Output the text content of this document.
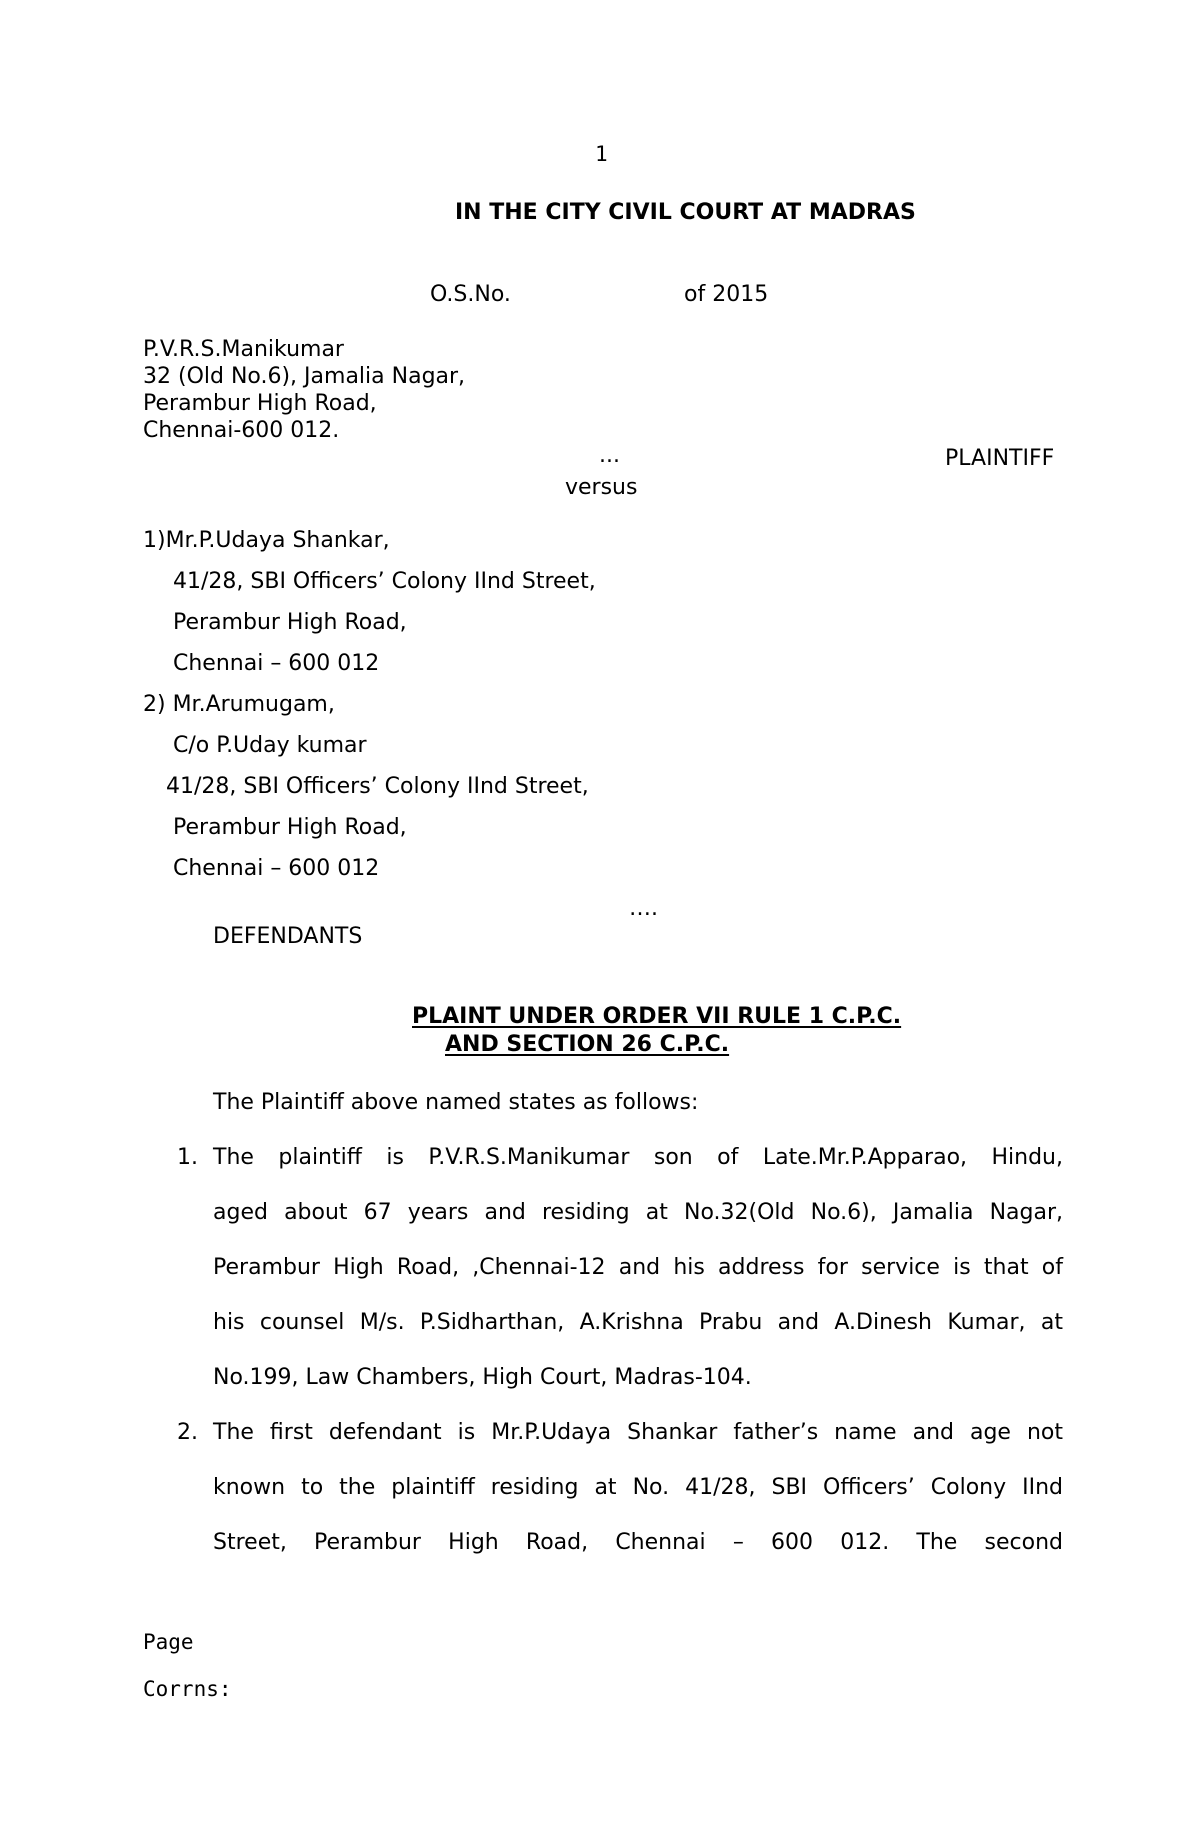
1
IN THE CITY CIVIL COURT AT MADRAS
O.S.No.	of 2015
P.V.R.S.Manikumar
32 (Old No.6), Jamalia Nagar,
Perambur High Road,
Chennai-600 012.
...	PLAINTIFF
versus
1)Mr.P.Udaya Shankar,
41/28, SBI Officers’ Colony IInd Street,
Perambur High Road,
Chennai – 600 012
2) Mr.Arumugam,
C/o P.Uday kumar
41/28, SBI Officers’ Colony IInd Street,
Perambur High Road,
Chennai – 600 012
….
DEFENDANTS
PLAINT UNDER ORDER VII RULE 1 C.P.C.
AND SECTION 26 C.P.C.
The Plaintiff above named states as follows:
1. The plaintiff is P.V.R.S.Manikumar son of Late.Mr.P.Apparao, Hindu,
aged about 67 years and residing at No.32(Old No.6), Jamalia Nagar,
Perambur High Road, ,Chennai-12 and his address for service is that of
his counsel M/s. P.Sidharthan, A.Krishna Prabu and A.Dinesh Kumar, at
No.199, Law Chambers, High Court, Madras-104.
2. The first defendant is Mr.P.Udaya Shankar father’s name and age not
known to the plaintiff residing at No. 41/28, SBI Officers’ Colony IInd
Street, Perambur High Road, Chennai – 600 012. The second
Page
Corrns:
